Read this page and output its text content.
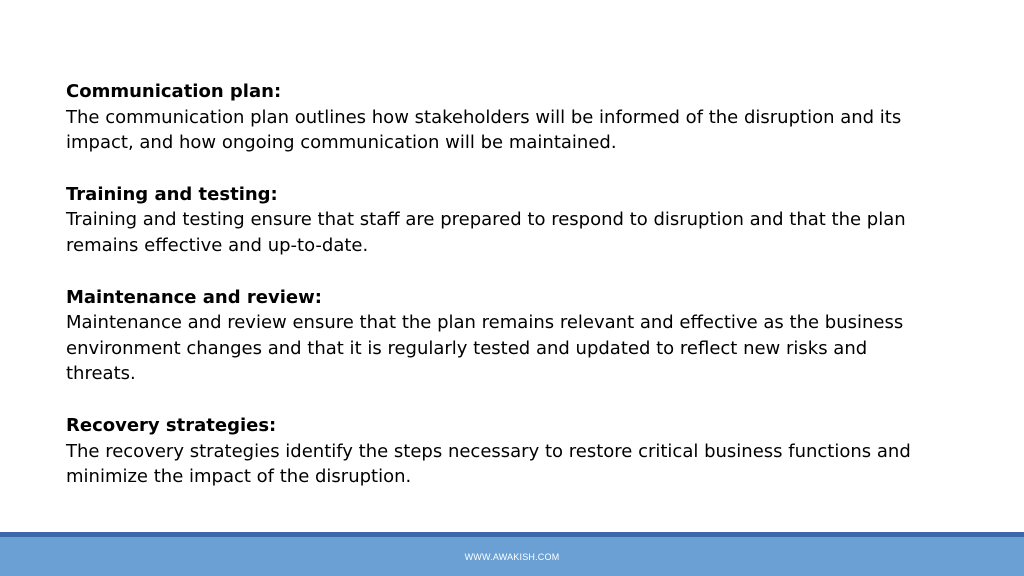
Communication plan:

The communication plan outlines how stakeholders will be informed of the disruption and its impact, and how ongoing communication will be maintained.

Training and testing:

Training and testing ensure that staff are prepared to respond to disruption and that the plan remains effective and up-to-date.

Maintenance and review:

Maintenance and review ensure that the plan remains relevant and effective as the business environment changes and that it is regularly tested and updated to reflect new risks and threats.

Recovery strategies:

The recovery strategies identify the steps necessary to restore critical business functions and minimize the impact of the disruption.

WWW.AWAKISH.COM
